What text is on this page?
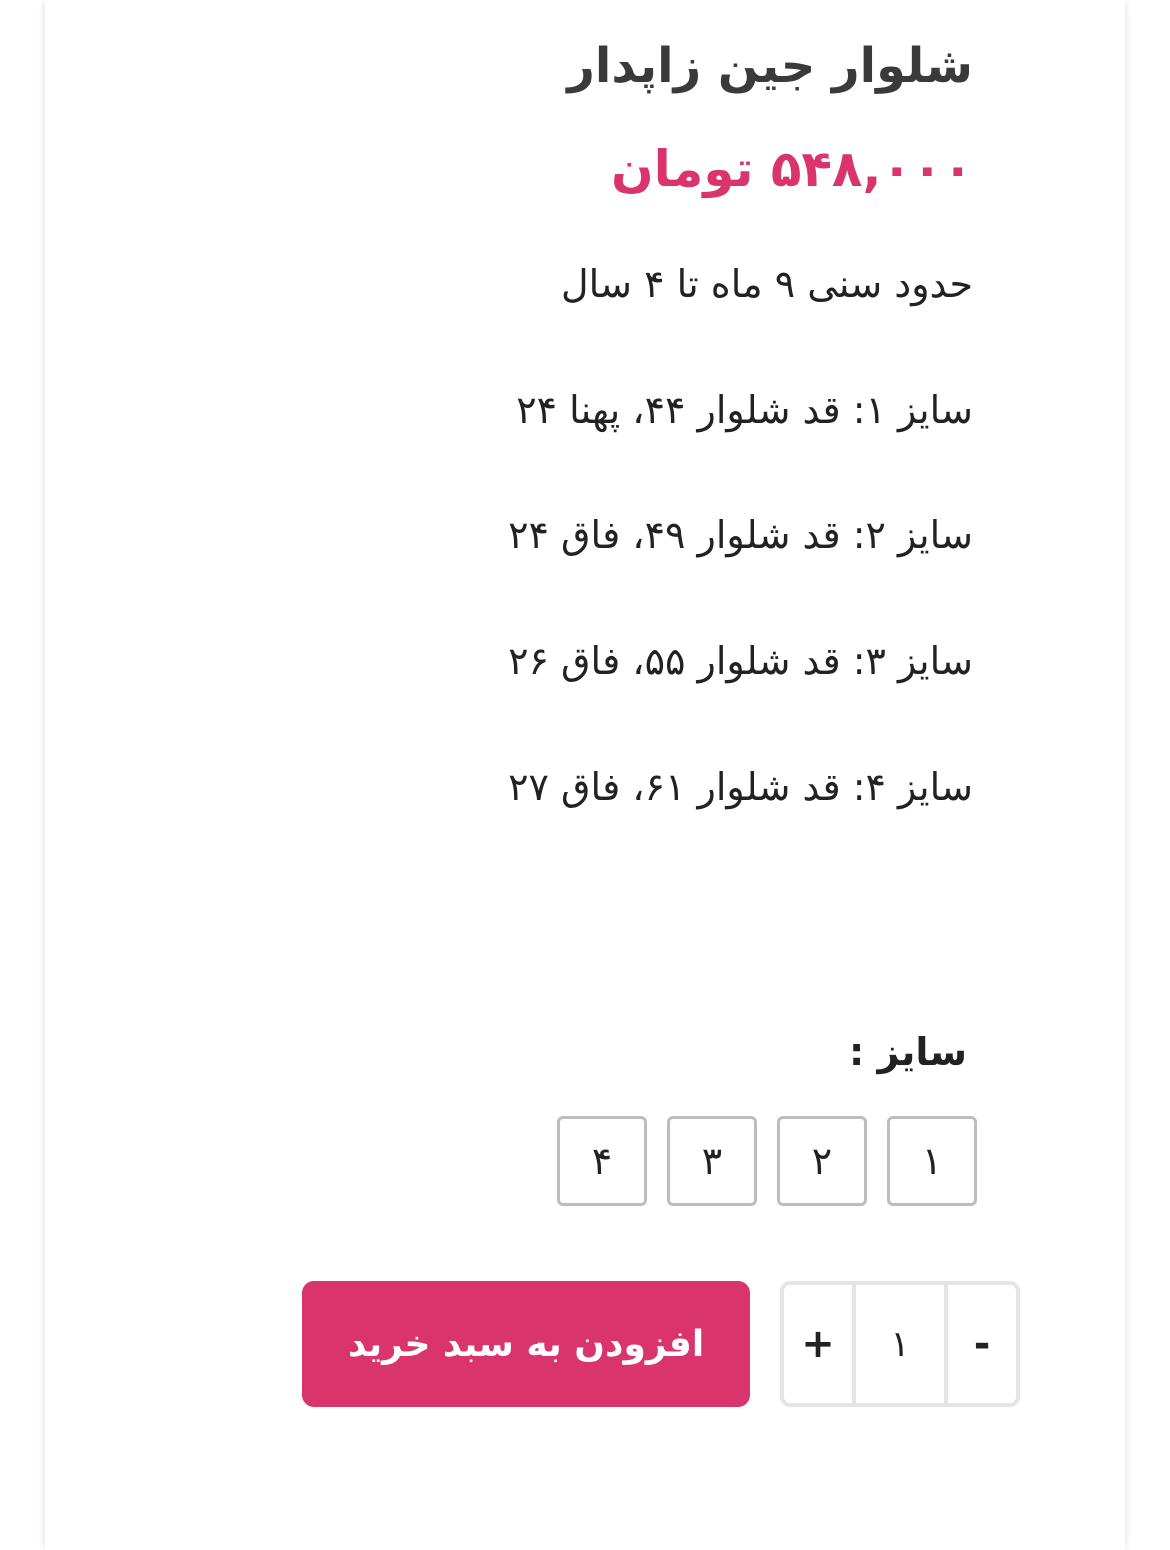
شلوار جین زاپدار
۵۴۸,۰۰۰ تومان
حدود سنی ۹ ماه تا ۴ سال
سایز ۱: قد شلوار ۴۴، پهنا ۲۴
سایز ۲: قد شلوار ۴۹، فاق ۲۴
سایز ۳: قد شلوار ۵۵، فاق ۲۶
سایز ۴: قد شلوار ۶۱، فاق ۲۷
سایز :
۱
۲
۳
۴
افزودن به سبد خرید	+	۱	-
